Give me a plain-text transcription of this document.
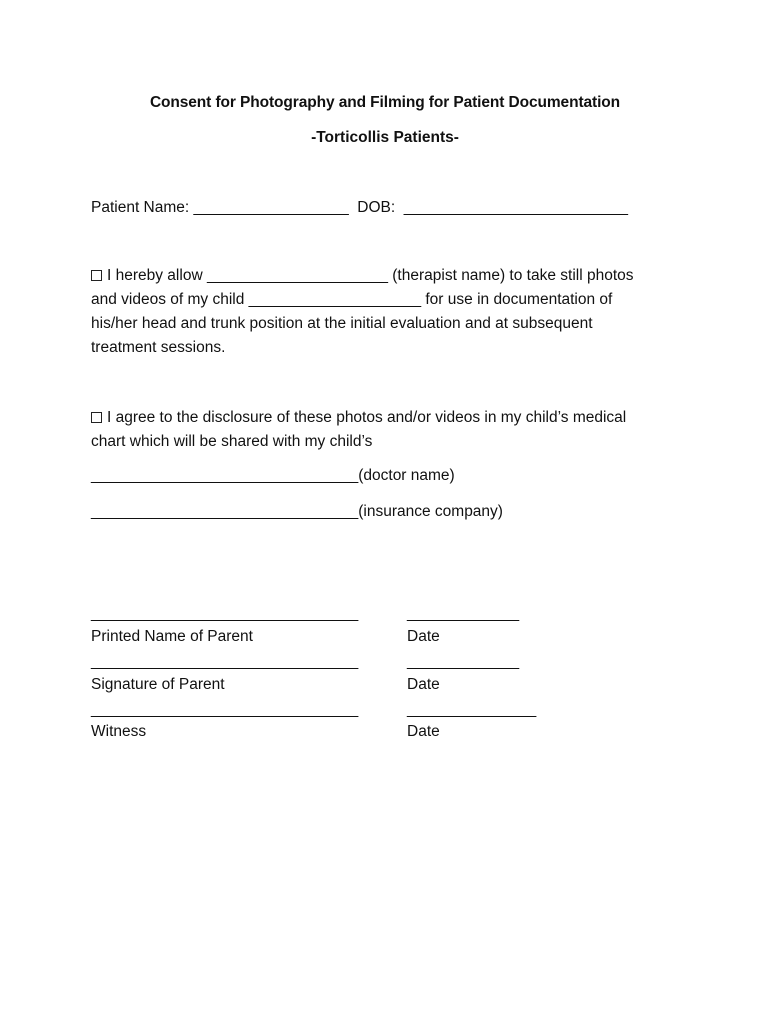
Consent for Photography and Filming for Patient Documentation
-Torticollis Patients-
Patient Name: __________________  DOB:  __________________________
I hereby allow _____________________ (therapist name) to take still photos
and videos of my child ____________________ for use in documentation of
his/her head and trunk position at the initial evaluation and at subsequent
treatment sessions.
I agree to the disclosure of these photos and/or videos in my child’s medical
chart which will be shared with my child’s
_______________________________(doctor name)
_______________________________(insurance company)
_______________________________	_____________
Printed Name of Parent	Date
_______________________________	_____________
Signature of Parent	Date
_______________________________	_______________
Witness	Date
